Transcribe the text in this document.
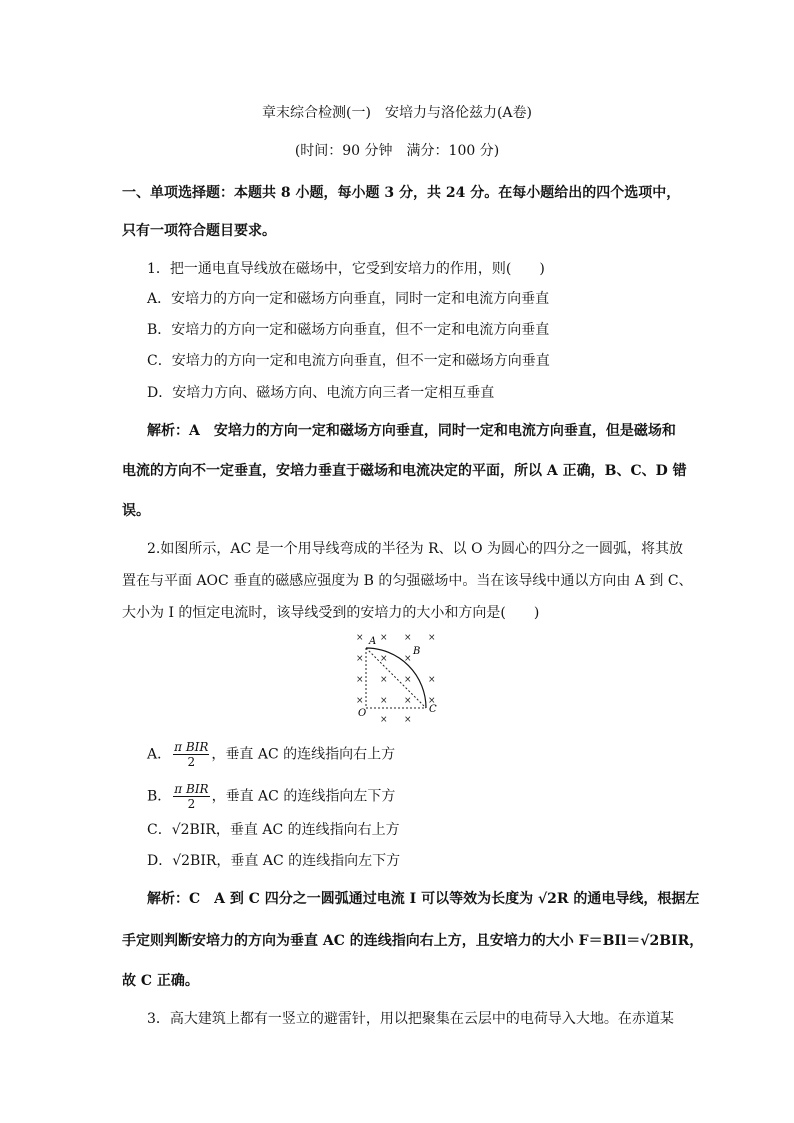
章末综合检测(一)　安培力与洛伦兹力(A卷)
(时间：90 分钟　满分：100 分)
一、单项选择题：本题共 8 小题，每小题 3 分，共 24 分。在每小题给出的四个选项中，
只有一项符合题目要求。
1．把一通电直导线放在磁场中，它受到安培力的作用，则(　　)
A．安培力的方向一定和磁场方向垂直，同时一定和电流方向垂直
B．安培力的方向一定和磁场方向垂直，但不一定和电流方向垂直
C．安培力的方向一定和电流方向垂直，但不一定和磁场方向垂直
D．安培力方向、磁场方向、电流方向三者一定相互垂直
解析：A　安培力的方向一定和磁场方向垂直，同时一定和电流方向垂直，但是磁场和
电流的方向不一定垂直，安培力垂直于磁场和电流决定的平面，所以 A 正确，B、C、D 错
误。
2.如图所示，AC 是一个用导线弯成的半径为 R、以 O 为圆心的四分之一圆弧，将其放
置在与平面 AOC 垂直的磁感应强度为 B 的匀强磁场中。当在该导线中通以方向由 A 到 C、
大小为 I 的恒定电流时，该导线受到的安培力的大小和方向是(　　)
× × × ×
× × ×
× × × ×
× × × ×
× ×
A
B
C
O
A． $\frac{\text{π BIR}}{2}$ ，垂直 AC 的连线指向右上方
B． $\frac{\text{π BIR}}{2}$ ，垂直 AC 的连线指向左下方
C．√2BIR，垂直 AC 的连线指向右上方
D．√2BIR，垂直 AC 的连线指向左下方
解析：C　A 到 C 四分之一圆弧通过电流 I 可以等效为长度为 √2R 的通电导线，根据左
手定则判断安培力的方向为垂直 AC 的连线指向右上方，且安培力的大小 F＝BIl＝√2BIR，
故 C 正确。
3．高大建筑上都有一竖立的避雷针，用以把聚集在云层中的电荷导入大地。在赤道某
